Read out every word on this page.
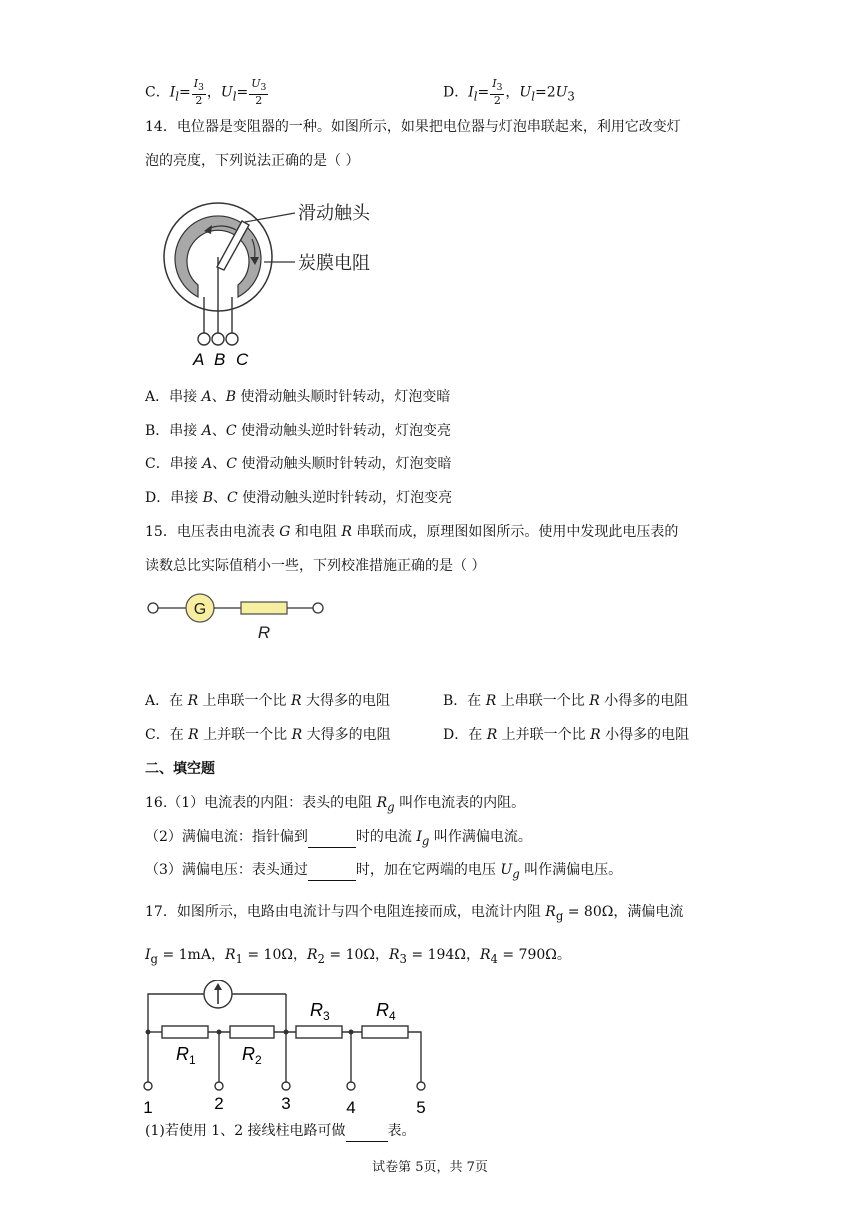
C．$I_l= \frac{I_3}{2}$ ，$U_l= \frac{U_3}{2}$	D．$I_l= \frac{I_3}{2}$ ，$U_l=2U_3$
14．电位器是变阻器的一种。如图所示，如果把电位器与灯泡串联起来，利用它改变灯
泡的亮度，下列说法正确的是（ ）
滑动触头
炭膜电阻
A B C
A．串接 A、B 使滑动触头顺时针转动，灯泡变暗
B．串接 A、C 使滑动触头逆时针转动，灯泡变亮
C．串接 A、C 使滑动触头顺时针转动，灯泡变暗
D．串接 B、C 使滑动触头逆时针转动，灯泡变亮
15．电压表由电流表 G 和电阻 R 串联而成，原理图如图所示。使用中发现此电压表的
读数总比实际值稍小一些，下列校准措施正确的是（ ）
G
R
A．在 R 上串联一个比 R 大得多的电阻	B．在 R 上串联一个比 R 小得多的电阻
C．在 R 上并联一个比 R 大得多的电阻	D．在 R 上并联一个比 R 小得多的电阻
二、填空题
16.（1）电流表的内阻：表头的电阻 $R_g$ 叫作电流表的内阻。
（2）满偏电流：指针偏到	时的电流 $I_g$ 叫作满偏电流。
（3）满偏电压：表头通过	时，加在它两端的电压 $U_g$ 叫作满偏电压。
17．如图所示，电路由电流计与四个电阻连接而成，电流计内阻 $R_g = 80\Omega$，满偏电流
$I_g = 1mA$，$R_1 = 10\Omega$，$R_2 = 10\Omega$，$R_3 = 194\Omega$，$R_4 = 790\Omega$。
$R_1$	$R_2$
$R_3$	$R_4$
1	2	3	4	5
(1)若使用 1、2 接线柱电路可做	表。
试卷第 5页，共 7页
